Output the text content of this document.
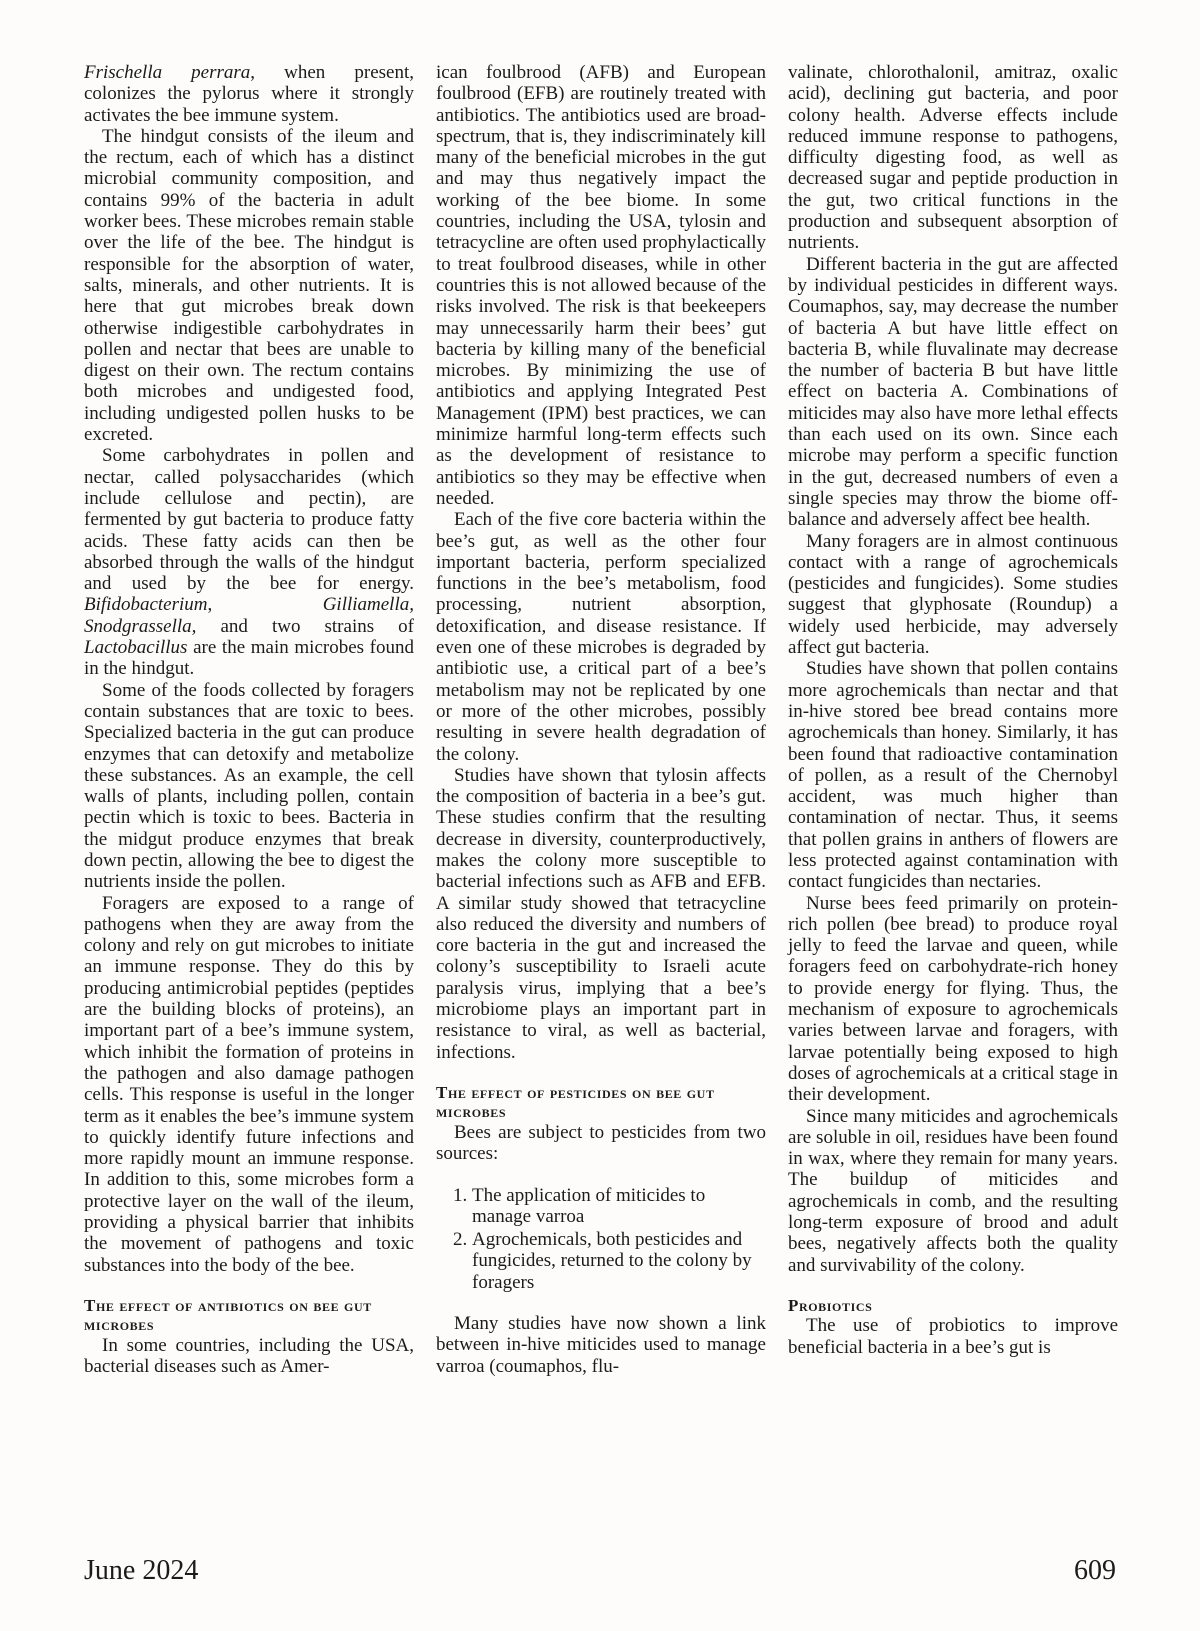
Frischella perrara, when present, colonizes the pylorus where it strongly activates the bee immune system.

The hindgut consists of the ileum and the rectum, each of which has a distinct microbial community composition, and contains 99% of the bacteria in adult worker bees. These microbes remain stable over the life of the bee. The hindgut is responsible for the absorption of water, salts, minerals, and other nutrients. It is here that gut microbes break down otherwise indigestible carbohydrates in pollen and nectar that bees are unable to digest on their own. The rectum contains both microbes and undigested food, including undigested pollen husks to be excreted.

Some carbohydrates in pollen and nectar, called polysaccharides (which include cellulose and pectin), are fermented by gut bacteria to produce fatty acids. These fatty acids can then be absorbed through the walls of the hindgut and used by the bee for energy. Bifidobacterium,	Gilliamella, Snodgrassella, and two strains of Lactobacillus are the main microbes found in the hindgut.

Some of the foods collected by foragers contain substances that are toxic to bees. Specialized bacteria in the gut can produce enzymes that can detoxify and metabolize these substances. As an example, the cell walls of plants, including pollen, contain pectin which is toxic to bees. Bacteria in the midgut produce enzymes that break down pectin, allowing the bee to digest the nutrients inside the pollen.

Foragers are exposed to a range of pathogens when they are away from the colony and rely on gut microbes to initiate an immune response. They do this by producing antimicrobial peptides (peptides are the building blocks of proteins), an important part of a bee’s immune system, which inhibit the formation of proteins in the pathogen and also damage pathogen cells. This response is useful in the longer term as it enables the bee’s immune system to quickly identify future infections and more rapidly mount an immune response. In addition to this, some microbes form a protective layer on the wall of the ileum, providing a physical barrier that inhibits the movement of pathogens and toxic substances into the body of the bee.

The effect of antibiotics on bee gut microbes

In some countries, including the USA, bacterial diseases such as Amer-

ican foulbrood (AFB) and European foulbrood (EFB) are routinely treated with antibiotics. The antibiotics used are broad-spectrum, that is, they indiscriminately kill many of the beneficial microbes in the gut and may thus negatively impact the working of the bee biome. In some countries, including the USA, tylosin and tetracycline are often used prophylactically to treat foulbrood diseases, while in other countries this is not allowed because of the risks involved. The risk is that beekeepers may unnecessarily harm their bees’ gut bacteria by killing many of the beneficial microbes. By minimizing the use of antibiotics and applying Integrated Pest Management (IPM) best practices, we can minimize harmful long-term effects such as the development of resistance to antibiotics so they may be effective when needed.

Each of the five core bacteria within the bee’s gut, as well as the other four important bacteria, perform specialized functions in the bee’s metabolism, food processing, nutrient absorption, detoxification, and disease resistance. If even one of these microbes is degraded by antibiotic use, a critical part of a bee’s metabolism may not be replicated by one or more of the other microbes, possibly resulting in severe health degradation of the colony.

Studies have shown that tylosin affects the composition of bacteria in a bee’s gut. These studies confirm that the resulting decrease in diversity, counterproductively, makes the colony more susceptible to bacterial infections such as AFB and EFB. A similar study showed that tetracycline also reduced the diversity and numbers of core bacteria in the gut and increased the colony’s susceptibility to Israeli acute paralysis virus, implying that a bee’s microbiome plays an important part in resistance to viral, as well as bacterial, infections.

The effect of pesticides on bee gut microbes

Bees are subject to pesticides from two sources:

1. The application of miticides to manage varroa
2. Agrochemicals, both pesticides and fungicides, returned to the colony by foragers

Many studies have now shown a link between in-hive miticides used to manage varroa (coumaphos, flu-

valinate, chlorothalonil, amitraz, oxalic acid), declining gut bacteria, and poor colony health. Adverse effects include reduced immune response to pathogens, difficulty digesting food, as well as decreased sugar and peptide production in the gut, two critical functions in the production and subsequent absorption of nutrients.

Different bacteria in the gut are affected by individual pesticides in different ways. Coumaphos, say, may decrease the number of bacteria A but have little effect on bacteria B, while fluvalinate may decrease the number of bacteria B but have little effect on bacteria A. Combinations of miticides may also have more lethal effects than each used on its own. Since each microbe may perform a specific function in the gut, decreased numbers of even a single species may throw the biome off-balance and adversely affect bee health.

Many foragers are in almost continuous contact with a range of agrochemicals (pesticides and fungicides). Some studies suggest that glyphosate (Roundup) a widely used herbicide, may adversely affect gut bacteria.

Studies have shown that pollen contains more agrochemicals than nectar and that in-hive stored bee bread contains more agrochemicals than honey. Similarly, it has been found that radioactive contamination of pollen, as a result of the Chernobyl accident, was much higher than contamination of nectar. Thus, it seems that pollen grains in anthers of flowers are less protected against contamination with contact fungicides than nectaries.

Nurse bees feed primarily on protein-rich pollen (bee bread) to produce royal jelly to feed the larvae and queen, while foragers feed on carbohydrate-rich honey to provide energy for flying. Thus, the mechanism of exposure to agrochemicals varies between larvae and foragers, with larvae potentially being exposed to high doses of agrochemicals at a critical stage in their development.

Since many miticides and agrochemicals are soluble in oil, residues have been found in wax, where they remain for many years. The buildup of miticides and agrochemicals in comb, and the resulting long-term exposure of brood and adult bees, negatively affects both the quality and survivability of the colony.

Probiotics

The use of probiotics to improve beneficial bacteria in a bee’s gut is

June 2024	609
